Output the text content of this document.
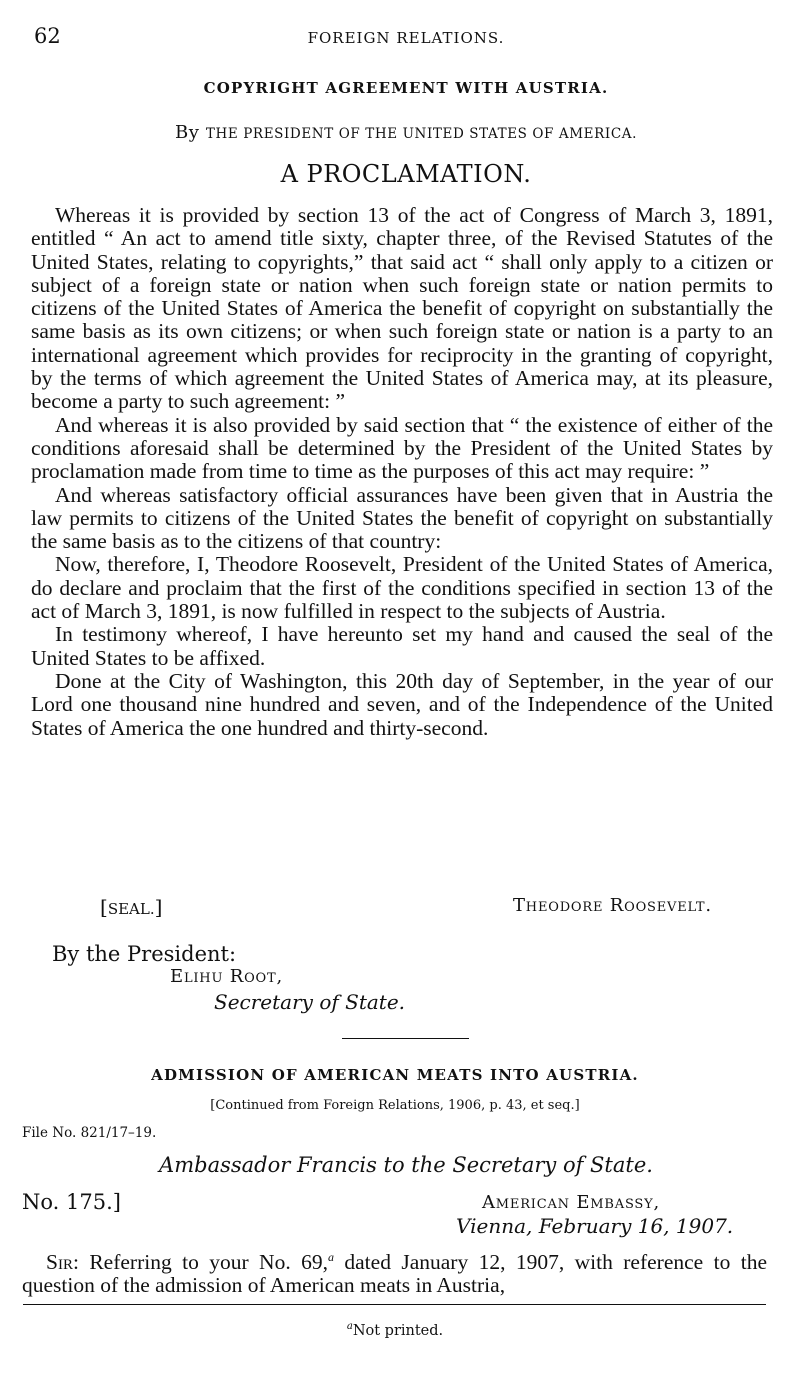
62	FOREIGN RELATIONS.
COPYRIGHT AGREEMENT WITH AUSTRIA.
By THE PRESIDENT OF THE UNITED STATES OF AMERICA.
A PROCLAMATION.

Whereas it is provided by section 13 of the act of Congress of March 3, 1891, entitled “ An act to amend title sixty, chapter three, of the Revised Statutes of the United States, relating to copyrights,” that said act “ shall only apply to a citizen or subject of a foreign state or nation when such foreign state or nation permits to citizens of the United States of America the benefit of copyright on substantially the same basis as its own citizens; or when such foreign state or nation is a party to an international agreement which provides for reciprocity in the granting of copyright, by the terms of which agreement the United States of America may, at its pleasure, become a party to such agreement: ”

And whereas it is also provided by said section that “ the existence of either of the conditions aforesaid shall be determined by the President of the United States by proclamation made from time to time as the purposes of this act may require: ”

And whereas satisfactory official assurances have been given that in Austria the law permits to citizens of the United States the benefit of copyright on substantially the same basis as to the citizens of that country:

Now, therefore, I, Theodore Roosevelt, President of the United States of America, do declare and proclaim that the first of the conditions specified in section 13 of the act of March 3, 1891, is now fulfilled in respect to the subjects of Austria.

In testimony whereof, I have hereunto set my hand and caused the seal of the United States to be affixed.

Done at the City of Washington, this 20th day of September, in the year of our Lord one thousand nine hundred and seven, and of the Independence of the United States of America the one hundred and thirty-second.

[SEAL.]	Theodore Roosevelt.
By the President:
Elihu Root,
Secretary of State.
ADMISSION OF AMERICAN MEATS INTO AUSTRIA.
[Continued from Foreign Relations, 1906, p. 43, et seq.]
File No. 821/17–19.
Ambassador Francis to the Secretary of State.
No. 175.]	American Embassy,
Vienna, February 16, 1907.

Sir: Referring to your No. 69,$^a$ dated January 12, 1907, with reference to the question of the admission of American meats in Austria,

$^a$Not printed.
